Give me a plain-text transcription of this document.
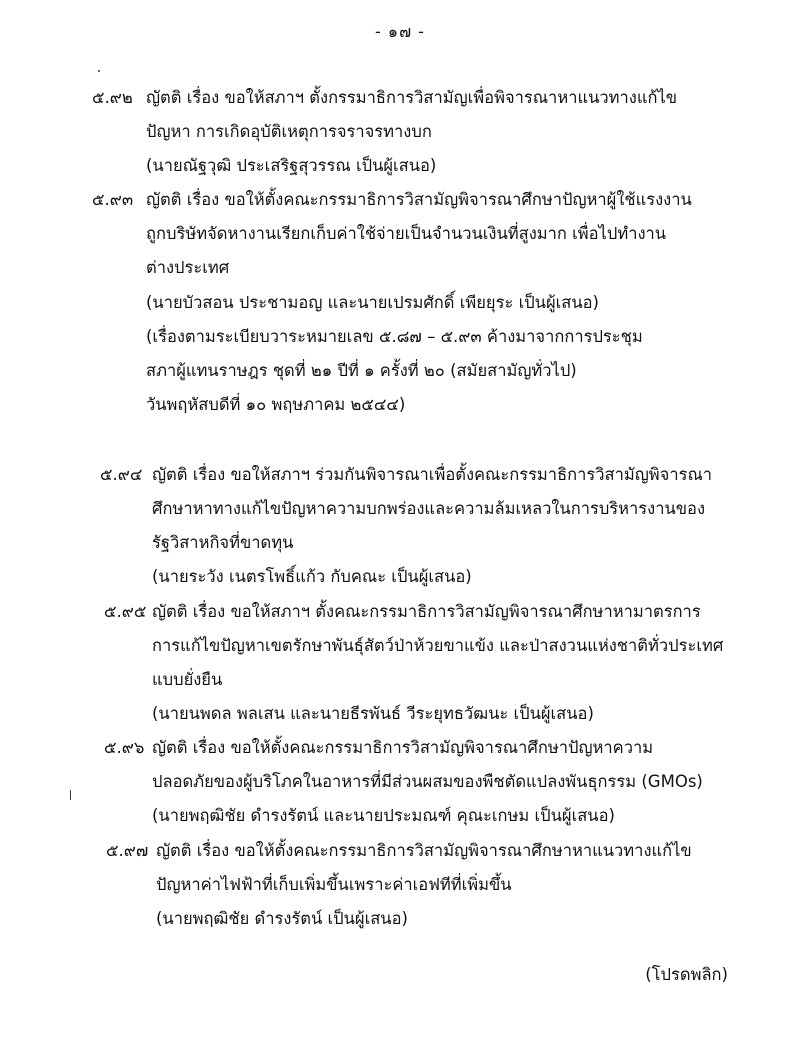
- ๑๗ -
๕.๙๒ ญัตติ เรื่อง ขอให้สภาฯ ตั้งกรรมาธิการวิสามัญเพื่อพิจารณาหาแนวทางแก้ไข
ปัญหา การเกิดอุบัติเหตุการจราจรทางบก
(นายณัฐวุฒิ ประเสริฐสุวรรณ เป็นผู้เสนอ)
๕.๙๓ ญัตติ เรื่อง ขอให้ตั้งคณะกรรมาธิการวิสามัญพิจารณาศึกษาปัญหาผู้ใช้แรงงาน
ถูกบริษัทจัดหางานเรียกเก็บค่าใช้จ่ายเป็นจำนวนเงินที่สูงมาก เพื่อไปทำงาน
ต่างประเทศ
(นายบัวสอน ประชามอญ และนายเปรมศักดิ์ เพียยุระ เป็นผู้เสนอ)
(เรื่องตามระเบียบวาระหมายเลข ๕.๘๗ – ๕.๙๓ ค้างมาจากการประชุม
สภาผู้แทนราษฎร ชุดที่ ๒๑ ปีที่ ๑ ครั้งที่ ๒๐ (สมัยสามัญทั่วไป)
วันพฤหัสบดีที่ ๑๐ พฤษภาคม ๒๕๔๔)
๕.๙๔ ญัตติ เรื่อง ขอให้สภาฯ ร่วมกันพิจารณาเพื่อตั้งคณะกรรมาธิการวิสามัญพิจารณา
ศึกษาหาทางแก้ไขปัญหาความบกพร่องและความล้มเหลวในการบริหารงานของ
รัฐวิสาหกิจที่ขาดทุน
(นายระวัง เนตรโพธิ์แก้ว กับคณะ เป็นผู้เสนอ)
๕.๙๕ ญัตติ เรื่อง ขอให้สภาฯ ตั้งคณะกรรมาธิการวิสามัญพิจารณาศึกษาหามาตรการ
การแก้ไขปัญหาเขตรักษาพันธุ์สัตว์ป่าห้วยขาแข้ง และป่าสงวนแห่งชาติทั่วประเทศ
แบบยั่งยืน
(นายนพดล พลเสน และนายธีรพันธ์ วีระยุทธวัฒนะ เป็นผู้เสนอ)
๕.๙๖ ญัตติ เรื่อง ขอให้ตั้งคณะกรรมาธิการวิสามัญพิจารณาศึกษาปัญหาความ
ปลอดภัยของผู้บริโภคในอาหารที่มีส่วนผสมของพืชตัดแปลงพันธุกรรม (GMOs)
(นายพฤฒิชัย ดำรงรัตน์ และนายประมณฑ์ คุณะเกษม เป็นผู้เสนอ)
๕.๙๗ ญัตติ เรื่อง ขอให้ตั้งคณะกรรมาธิการวิสามัญพิจารณาศึกษาหาแนวทางแก้ไข
ปัญหาค่าไฟฟ้าที่เก็บเพิ่มขึ้นเพราะค่าเอฟทีที่เพิ่มขึ้น
(นายพฤฒิชัย ดำรงรัตน์ เป็นผู้เสนอ)
(โปรดพลิก)
